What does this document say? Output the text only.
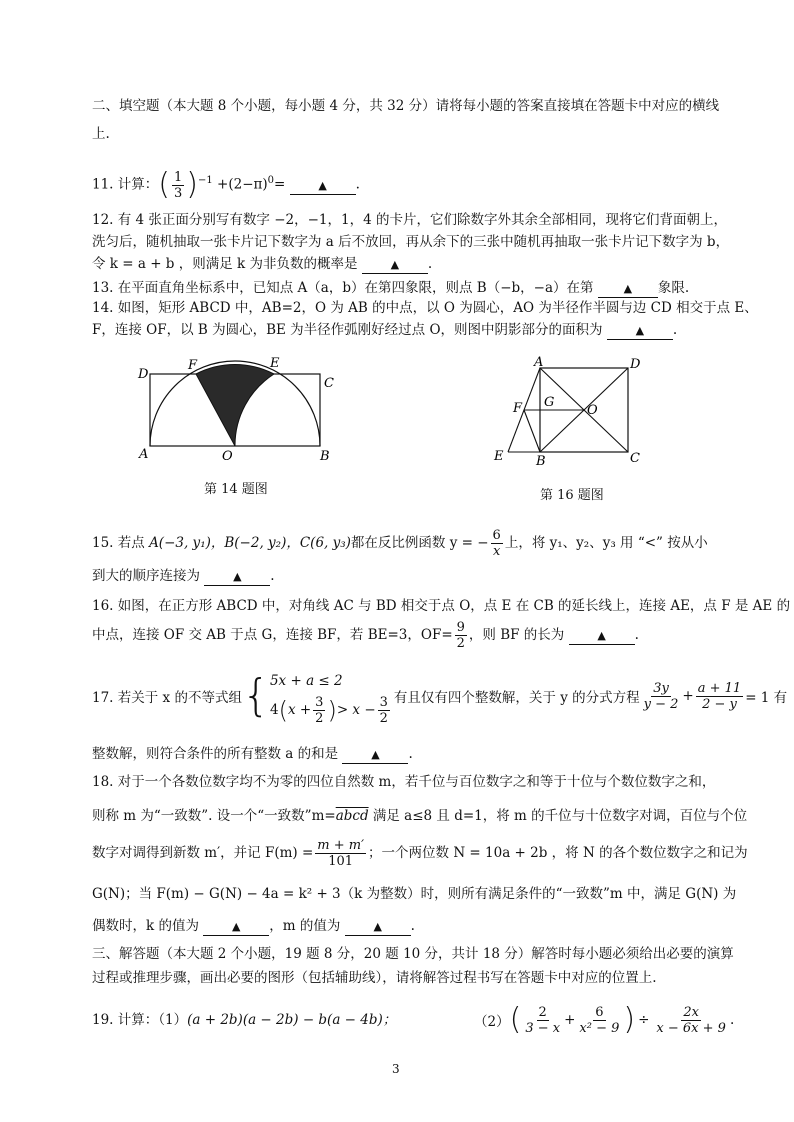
二、填空题（本大题 8 个小题，每小题 4 分，共 32 分）请将每小题的答案直接填在答题卡中对应的横线
上.
11. 计算：( $\frac{1}{3} )^{-1} +(2-\pi)^0=$	▲ .
12. 有 4 张正面分别写有数字 −2，−1，1，4 的卡片，它们除数字外其余全部相同，现将它们背面朝上，
洗匀后，随机抽取一张卡片记下数字为 a 后不放回，再从余下的三张中随机再抽取一张卡片记下数字为 b，
令 k = a + b ，则满足 k 为非负数的概率是	▲ .
13. 在平面直角坐标系中，已知点 A（a，b）在第四象限，则点 B（−b，−a）在第	▲ 象限.
14. 如图，矩形 ABCD 中，AB=2，O 为 AB 的中点，以 O 为圆心，AO 为半径作半圆与边 CD 相交于点 E、
F，连接 OF，以 B 为圆心，BE 为半径作弧刚好经过点 O，则图中阴影部分的面积为	▲ .
D
F	E
C
A	O	B
第 14 题图
A	D
F G
O
E	B	C
第 16 题图
15. 若点 A(−3, y₁)，B(−2, y₂)，C(6, y₃)都在反比例函数 y = − $\frac{6}{x}$ 上，将 y₁、y₂、y₃ 用 “<” 按从小
到大的顺序连接为	▲ .
16. 如图，在正方形 ABCD 中，对角线 AC 与 BD 相交于点 O，点 E 在 CB 的延长线上，连接 AE，点 F 是 AE 的
中点，连接 OF 交 AB 于点 G，连接 BF，若 BE=3，$OF= \frac{9}{2}$ ，则 BF 的长为	▲ .
17. 若关于 x 的不等式组 { 5x + a ≤ 2
$4(x + \frac{3}{2}$ )> $x - \frac{3}{2}$ 有且仅有四个整数解，关于 y 的分式方程 $\frac{3y}{y - 2} + \frac{a + 11}{2 - y} = 1$ 有
整数解，则符合条件的所有整数 a 的和是	▲ .
18. 对于一个各数位数字均不为零的四位自然数 m，若千位与百位数字之和等于十位与个数位数字之和，
则称 m 为“一致数”. 设一个“一致数”m=abcd 满足 a≤8 且 d=1，将 m 的千位与十位数字对调，百位与个位
数字对调得到新数 m′，并记 $F(m) = \frac{m + m'}{101}$ ；一个两位数 N = 10a + 2b ，将 N 的各个数位数字之和记为
G(N)；当 F(m) − G(N) − 4a = k² + 3（k 为整数）时，则所有满足条件的“一致数”m 中，满足 G(N) 为
偶数时，k 的值为	▲ ，m 的值为	▲ .
三、解答题（本大题 2 个小题，19 题 8 分，20 题 10 分，共计 18 分）解答时每小题必须给出必要的演算
过程或推理步骤，画出必要的图形（包括辅助线），请将解答过程书写在答题卡中对应的位置上.
19. 计算：（1）(a + 2b)(a − 2b) − b(a − 4b)；	（2） ( $\frac{2}{3 - x} + \frac{6}{\text{x² − 9}}$ ) ÷ $\frac{2x}{x - 6x + 9}$ .
3
